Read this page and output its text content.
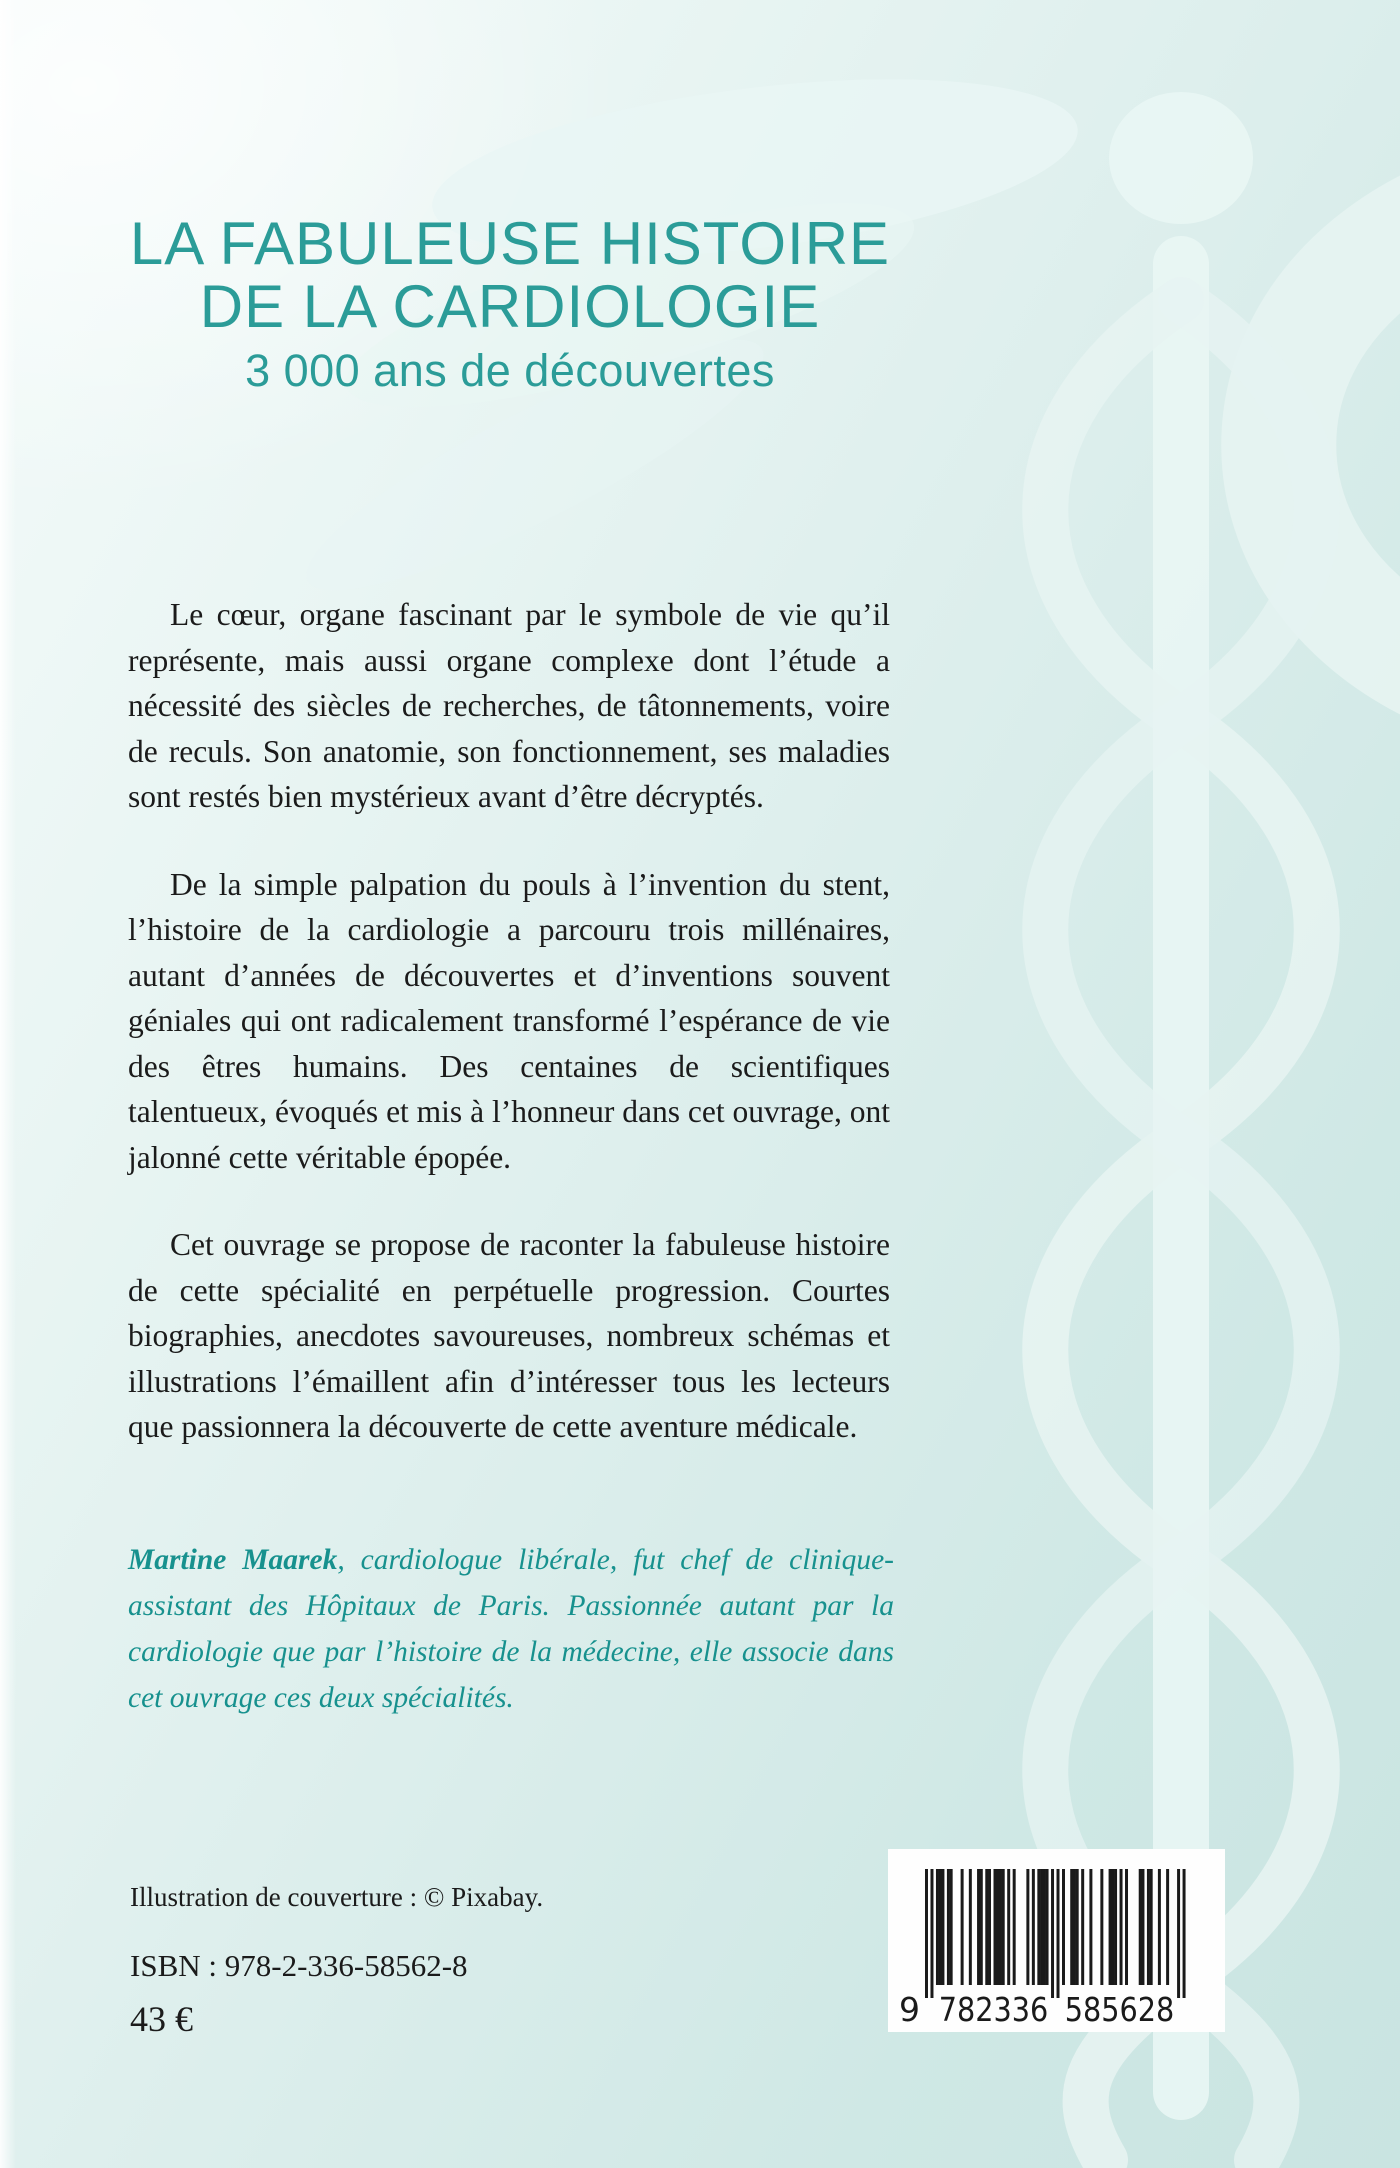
LA FABULEUSE HISTOIRE
DE LA CARDIOLOGIE
3 000 ans de découvertes

Le cœur, organe fascinant par le symbole de vie qu’il représente, mais aussi organe complexe dont l’étude a nécessité des siècles de recherches, de tâtonnements, voire de reculs. Son anatomie, son fonctionnement, ses maladies sont restés bien mystérieux avant d’être décryptés.

De la simple palpation du pouls à l’invention du stent, l’histoire de la cardiologie a parcouru trois millénaires, autant d’années de découvertes et d’inventions souvent géniales qui ont radicalement transformé l’espérance de vie des êtres humains. Des centaines de scientifiques talentueux, évoqués et mis à l’honneur dans cet ouvrage, ont jalonné cette véritable épopée.

Cet ouvrage se propose de raconter la fabuleuse histoire de cette spécialité en perpétuelle progression. Courtes biographies, anecdotes savoureuses, nombreux schémas et illustrations l’émaillent afin d’intéresser tous les lecteurs que passionnera la découverte de cette aventure médicale.

Martine Maarek, cardiologue libérale, fut chef de clinique-assistant des Hôpitaux de Paris. Passionnée autant par la cardiologie que par l’histoire de la médecine, elle associe dans cet ouvrage ces deux spécialités.
Illustration de couverture : © Pixabay.
ISBN : 978-2-336-58562-8
43 €	9 782336 585628
